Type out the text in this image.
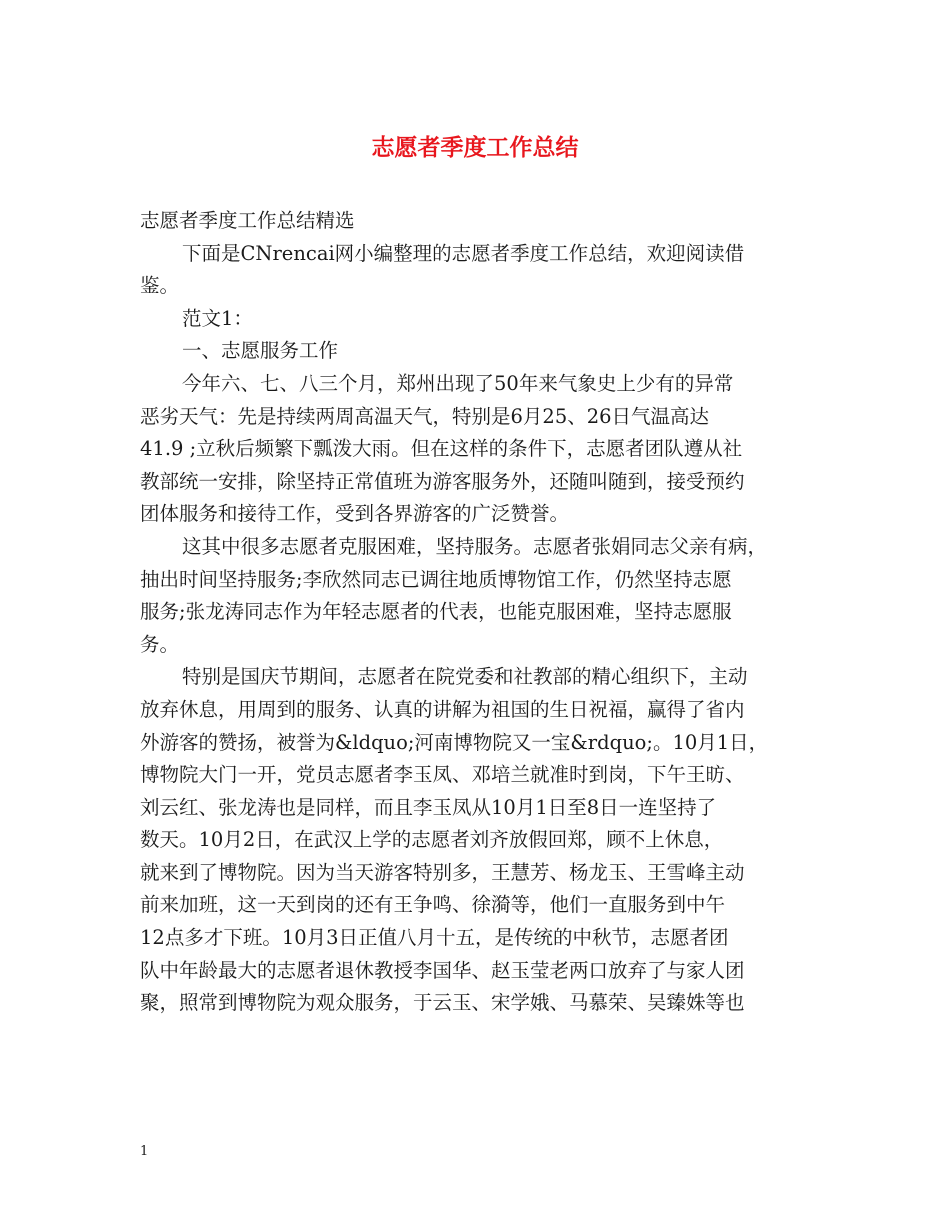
志愿者季度工作总结

志愿者季度工作总结精选

下面是CNrencai网小编整理的志愿者季度工作总结，欢迎阅读借

鉴。

范文1：

一、志愿服务工作

今年六、七、八三个月，郑州出现了50年来气象史上少有的异常

恶劣天气：先是持续两周高温天气，特别是6月25、26日气温高达

41.9 ;立秋后频繁下瓢泼大雨。但在这样的条件下，志愿者团队遵从社

教部统一安排，除坚持正常值班为游客服务外，还随叫随到，接受预约

团体服务和接待工作，受到各界游客的广泛赞誉。

这其中很多志愿者克服困难，坚持服务。志愿者张娟同志父亲有病，

抽出时间坚持服务;李欣然同志已调往地质博物馆工作，仍然坚持志愿

服务;张龙涛同志作为年轻志愿者的代表，也能克服困难，坚持志愿服

务。

特别是国庆节期间，志愿者在院党委和社教部的精心组织下，主动

放弃休息，用周到的服务、认真的讲解为祖国的生日祝福，赢得了省内

外游客的赞扬，被誉为&ldquo;河南博物院又一宝&rdquo;。10月1日，

博物院大门一开，党员志愿者李玉凤、邓培兰就准时到岗，下午王昉、

刘云红、张龙涛也是同样，而且李玉凤从10月1日至8日一连坚持了

数天。10月2日，在武汉上学的志愿者刘齐放假回郑，顾不上休息，

就来到了博物院。因为当天游客特别多，王慧芳、杨龙玉、王雪峰主动

前来加班，这一天到岗的还有王争鸣、徐漪等，他们一直服务到中午

12点多才下班。10月3日正值八月十五，是传统的中秋节，志愿者团

队中年龄最大的志愿者退休教授李国华、赵玉莹老两口放弃了与家人团

聚，照常到博物院为观众服务，于云玉、宋学娥、马慕荣、吴臻姝等也

1
